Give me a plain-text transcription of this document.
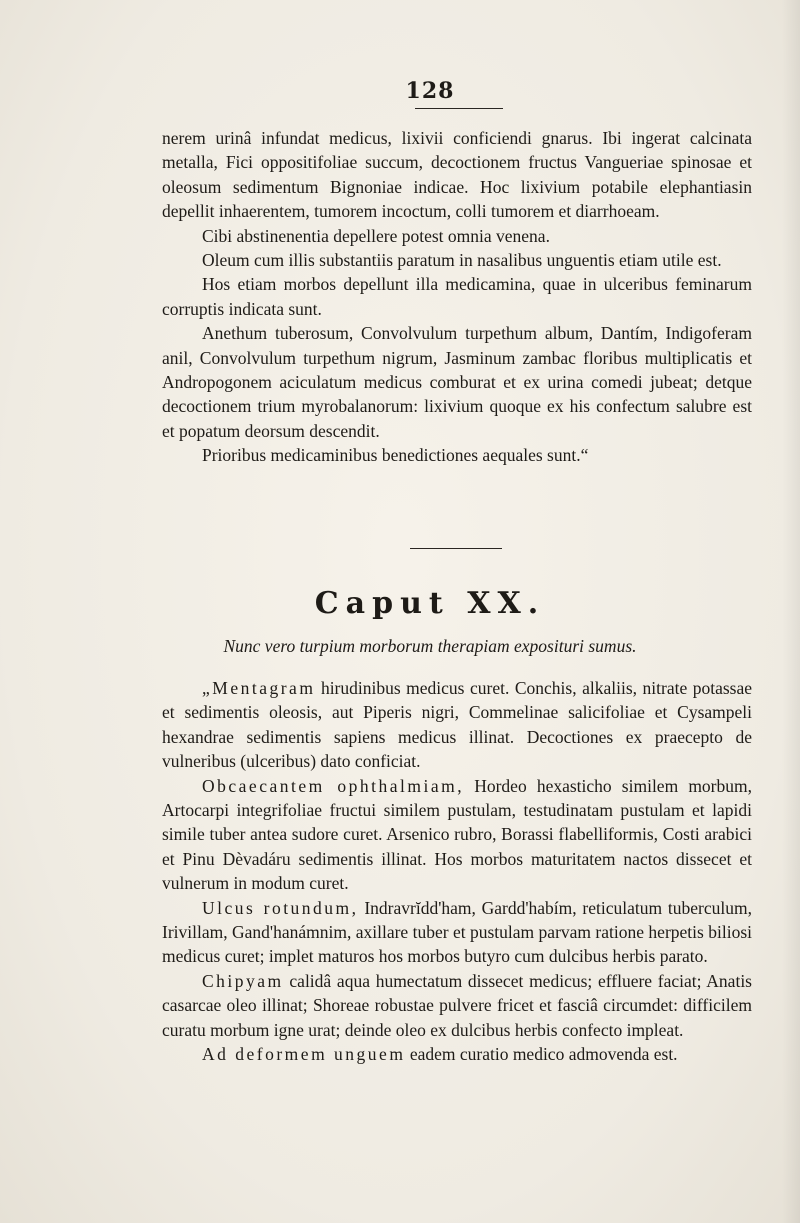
128

nerem urinâ infundat medicus, lixivii conficiendi gnarus. Ibi ingerat calcinata metalla, Fici oppositifoliae succum, decoctionem fructus Vangueriae spinosae et oleosum sedimentum Bignoniae indicae. Hoc lixivium potabile elephantiasin depellit inhaerentem, tumorem incoctum, colli tumorem et diarrhoeam.

Cibi abstinenentia depellere potest omnia venena.

Oleum cum illis substantiis paratum in nasalibus unguentis etiam utile est.

Hos etiam morbos depellunt illa medicamina, quae in ulceribus feminarum corruptis indicata sunt.

Anethum tuberosum, Convolvulum turpethum album, Dantím, Indigoferam anil, Convolvulum turpethum nigrum, Jasminum zambac floribus multiplicatis et Andropogonem aciculatum medicus comburat et ex urina comedi jubeat; detque decoctionem trium myrobalanorum: lixivium quoque ex his confectum salubre est et popatum deorsum descendit.

Prioribus medicaminibus benedictiones aequales sunt.“

Caput XX.
Nunc vero turpium morborum therapiam exposituri sumus.

„Mentagram hirudinibus medicus curet. Conchis, alkaliis, nitrate potassae et sedimentis oleosis, aut Piperis nigri, Commelinae salicifoliae et Cysampeli hexandrae sedimentis sapiens medicus illinat. Decoctiones ex praecepto de vulneribus (ulceribus) dato conficiat.

Obcaecantem ophthalmiam, Hordeo hexasticho similem morbum, Artocarpi integrifoliae fructui similem pustulam, testudinatam pustulam et lapidi simile tuber antea sudore curet. Arsenico rubro, Borassi flabelliformis, Costi arabici et Pinu Dèvadáru sedimentis illinat. Hos morbos maturitatem nactos dissecet et vulnerum in modum curet.

Ulcus rotundum, Indravrĭdd'ham, Gardd'habím, reticulatum tuberculum, Irivillam, Gand'hanámnim, axillare tuber et pustulam parvam ratione herpetis biliosi medicus curet; implet maturos hos morbos butyro cum dulcibus herbis parato.

Chipyam calidâ aqua humectatum dissecet medicus; effluere faciat; Anatis casarcae oleo illinat; Shoreae robustae pulvere fricet et fasciâ circumdet: difficilem curatu morbum igne urat; deinde oleo ex dulcibus herbis confecto impleat.

Ad deformem unguem eadem curatio medico admovenda est.
